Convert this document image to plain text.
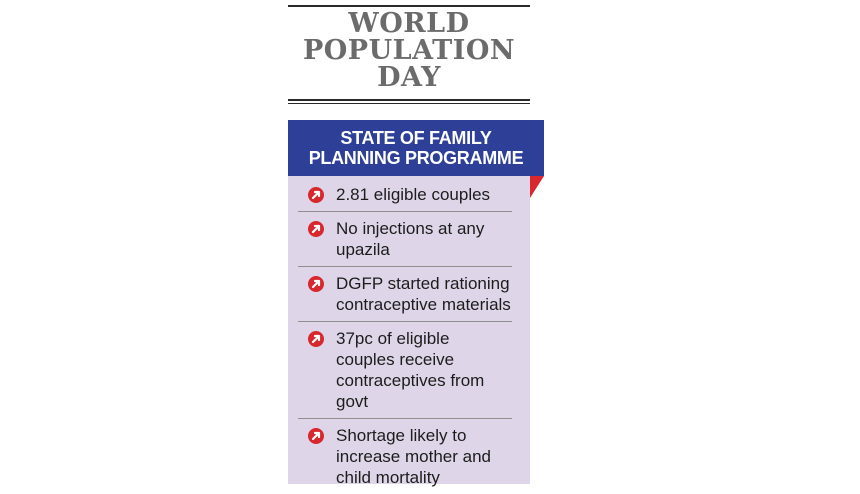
WORLD
POPULATION
DAY
STATE OF FAMILY
PLANNING PROGRAMME
2.81 eligible couples
No injections at any upazila
DGFP started rationing contraceptive materials
37pc of eligible couples receive contraceptives from govt
Shortage likely to increase mother and child mortality
